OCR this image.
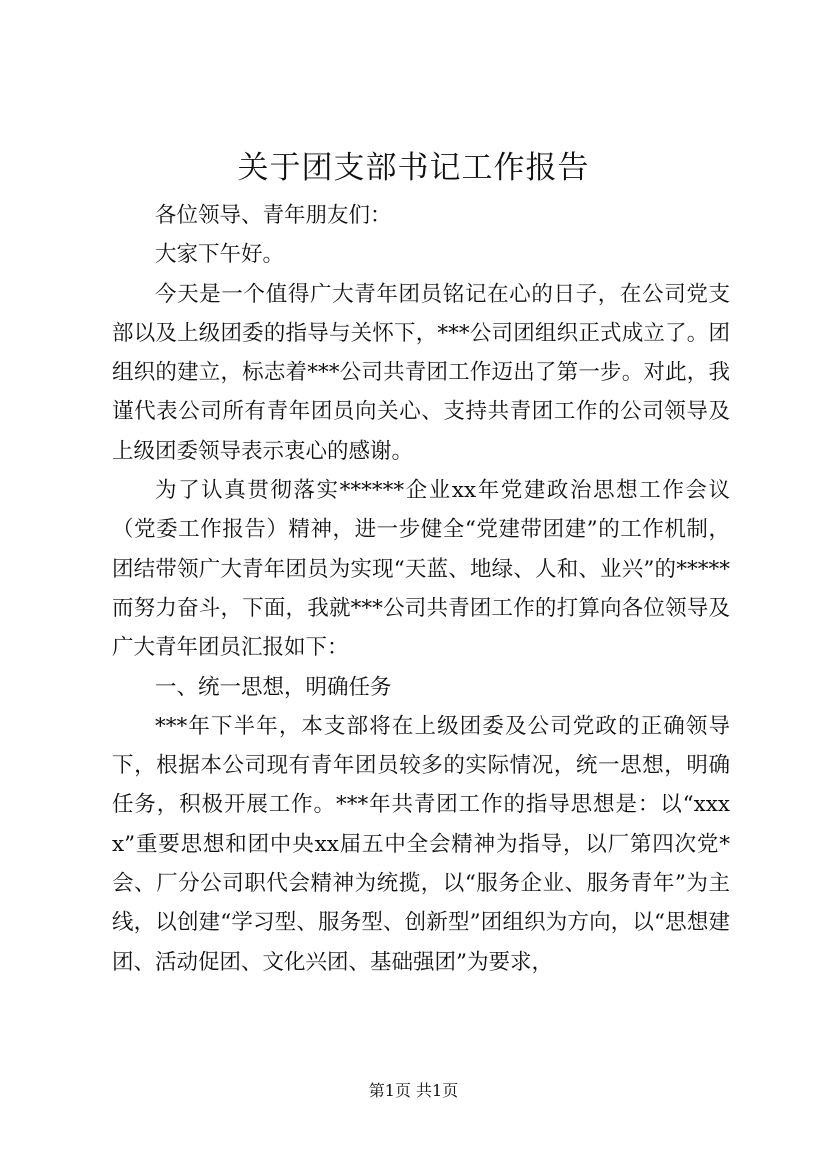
关于团支部书记工作报告

各位领导、青年朋友们：

大家下午好。

今天是一个值得广大青年团员铭记在心的日子，在公司党支部以及上级团委的指导与关怀下，***公司团组织正式成立了。团组织的建立，标志着***公司共青团工作迈出了第一步。对此，我谨代表公司所有青年团员向关心、支持共青团工作的公司领导及上级团委领导表示衷心的感谢。

为了认真贯彻落实******企业xx年党建政治思想工作会议（党委工作报告）精神，进一步健全“党建带团建”的工作机制，团结带领广大青年团员为实现“天蓝、地绿、人和、业兴”的*****而努力奋斗，下面，我就***公司共青团工作的打算向各位领导及广大青年团员汇报如下：

一、统一思想，明确任务

***年下半年，本支部将在上级团委及公司党政的正确领导下，根据本公司现有青年团员较多的实际情况，统一思想，明确任务，积极开展工作。***年共青团工作的指导思想是：以“xxxx”重要思想和团中央xx届五中全会精神为指导，以厂第四次党*会、厂分公司职代会精神为统揽，以“服务企业、服务青年”为主线，以创建“学习型、服务型、创新型”团组织为方向，以“思想建团、活动促团、文化兴团、基础强团”为要求，

第1页 共1页
